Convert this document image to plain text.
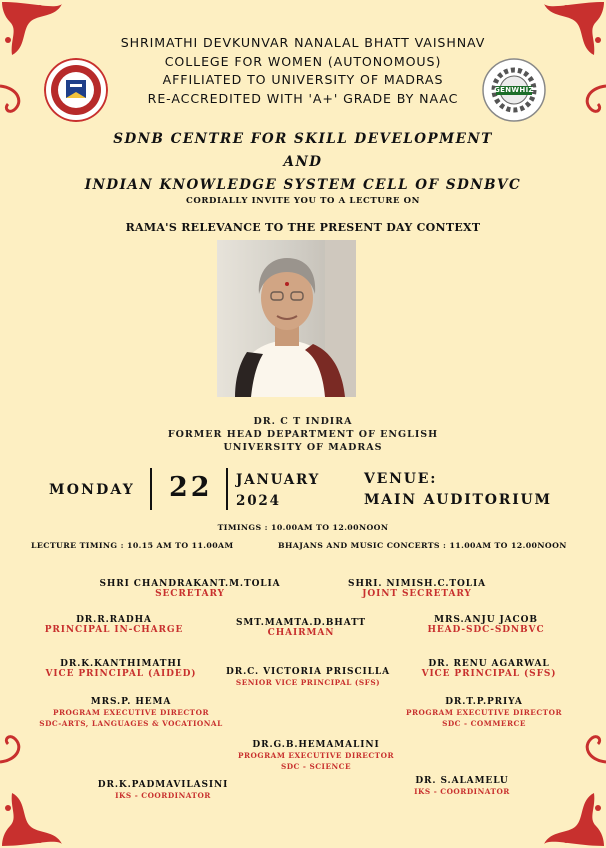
GENWHIZ
SHRIMATHI DEVKUNVAR NANALAL BHATT VAISHNAV
COLLEGE FOR WOMEN (AUTONOMOUS)
AFFILIATED TO UNIVERSITY OF MADRAS
RE-ACCREDITED WITH 'A+' GRADE BY NAAC
SDNB CENTRE FOR SKILL DEVELOPMENT
AND
INDIAN KNOWLEDGE SYSTEM CELL OF SDNBVC
CORDIALLY INVITE YOU TO A LECTURE ON
RAMA'S RELEVANCE TO THE PRESENT DAY CONTEXT
DR. C T INDIRA
FORMER HEAD DEPARTMENT OF ENGLISH
UNIVERSITY OF MADRAS
MONDAY 22 JANUARY
2024
VENUE:
MAIN AUDITORIUM
TIMINGS : 10.00AM TO 12.00NOON
LECTURE TIMING : 10.15 AM TO 11.00AM	BHAJANS AND MUSIC CONCERTS : 11.00AM TO 12.00NOON
SHRI CHANDRAKANT.M.TOLIA
SECRETARY
SHRI. NIMISH.C.TOLIA
JOINT SECRETARY
DR.R.RADHA
PRINCIPAL IN-CHARGE
SMT.MAMTA.D.BHATT
CHAIRMAN
MRS.ANJU JACOB
HEAD-SDC-SDNBVC
DR.K.KANTHIMATHI
VICE PRINCIPAL (AIDED)	DR.C. VICTORIA PRISCILLA
SENIOR VICE PRINCIPAL (SFS)
DR. RENU AGARWAL
VICE PRINCIPAL (SFS)
MRS.P. HEMA
PROGRAM EXECUTIVE DIRECTOR
SDC-ARTS, LANGUAGES & VOCATIONAL
DR.T.P.PRIYA
PROGRAM EXECUTIVE DIRECTOR
SDC - COMMERCE
DR.G.B.HEMAMALINI
PROGRAM EXECUTIVE DIRECTOR
SDC - SCIENCE
DR.K.PADMAVILASINI
IKS - COORDINATOR
DR. S.ALAMELU
IKS - COORDINATOR
